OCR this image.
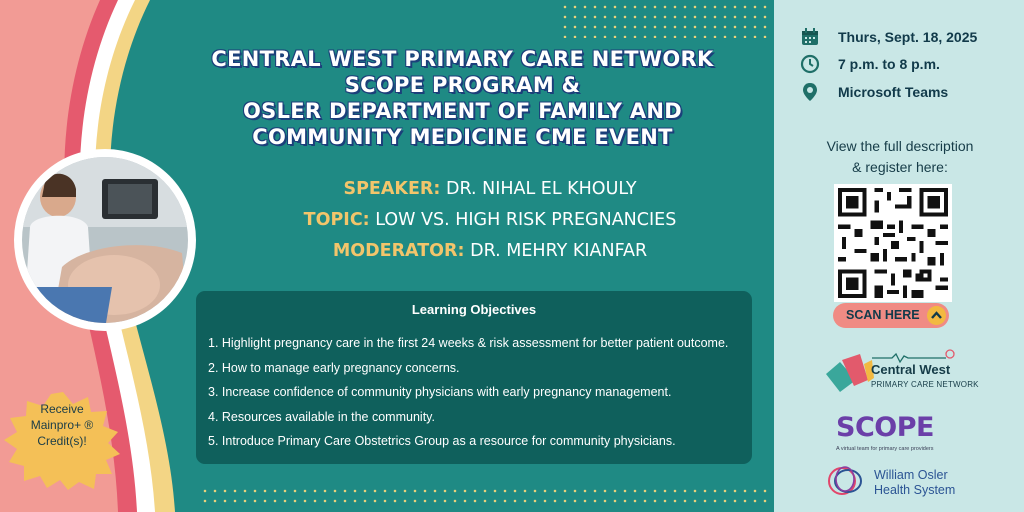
CENTRAL WEST PRIMARY CARE NETWORK
SCOPE PROGRAM &
OSLER DEPARTMENT OF FAMILY AND
COMMUNITY MEDICINE CME EVENT
SPEAKER: DR. NIHAL EL KHOULY
TOPIC: LOW VS. HIGH RISK PREGNANCIES
MODERATOR: DR. MEHRY KIANFAR
Learning Objectives
1. Highlight pregnancy care in the first 24 weeks & risk assessment for better patient outcome.
2. How to manage early pregnancy concerns.
3. Increase confidence of community physicians with early pregnancy management.
4. Resources available in the community.
5. Introduce Primary Care Obstetrics Group as a resource for community physicians.
Receive
Mainpro+ ®
Credit(s)!
Thurs, Sept. 18, 2025
7 p.m. to 8 p.m.
Microsoft Teams
View the full description
& register here:
SCAN HERE
Central West
PRIMARY CARE NETWORK
SCOPE
A virtual team for primary care providers
William Osler
Health System
